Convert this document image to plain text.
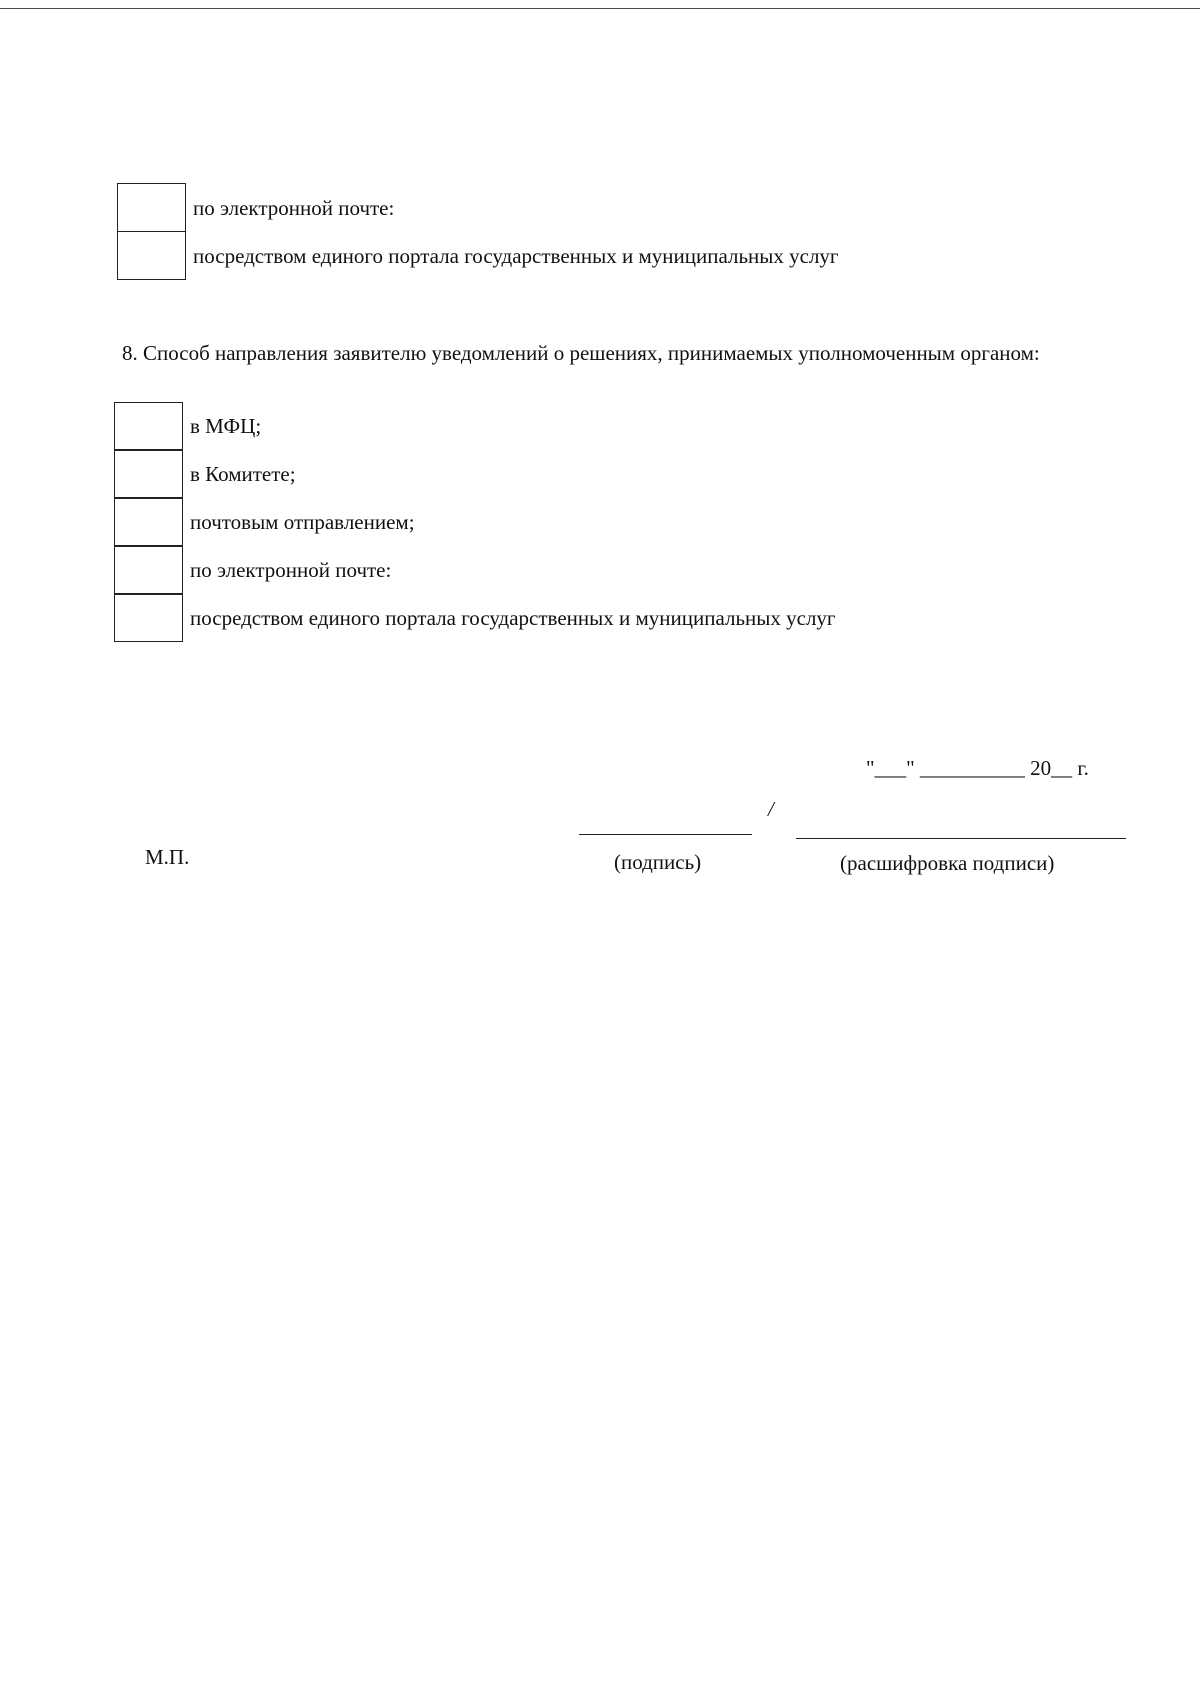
по электронной почте:
посредством единого портала государственных и муниципальных услуг
8. Способ направления заявителю уведомлений о решениях, принимаемых уполномоченным органом:
в МФЦ;
в Комитете;
почтовым отправлением;
по электронной почте:
посредством единого портала государственных и муниципальных услуг
"___" __________ 20__ г.
/
М.П.	(подпись)	(расшифровка подписи)
